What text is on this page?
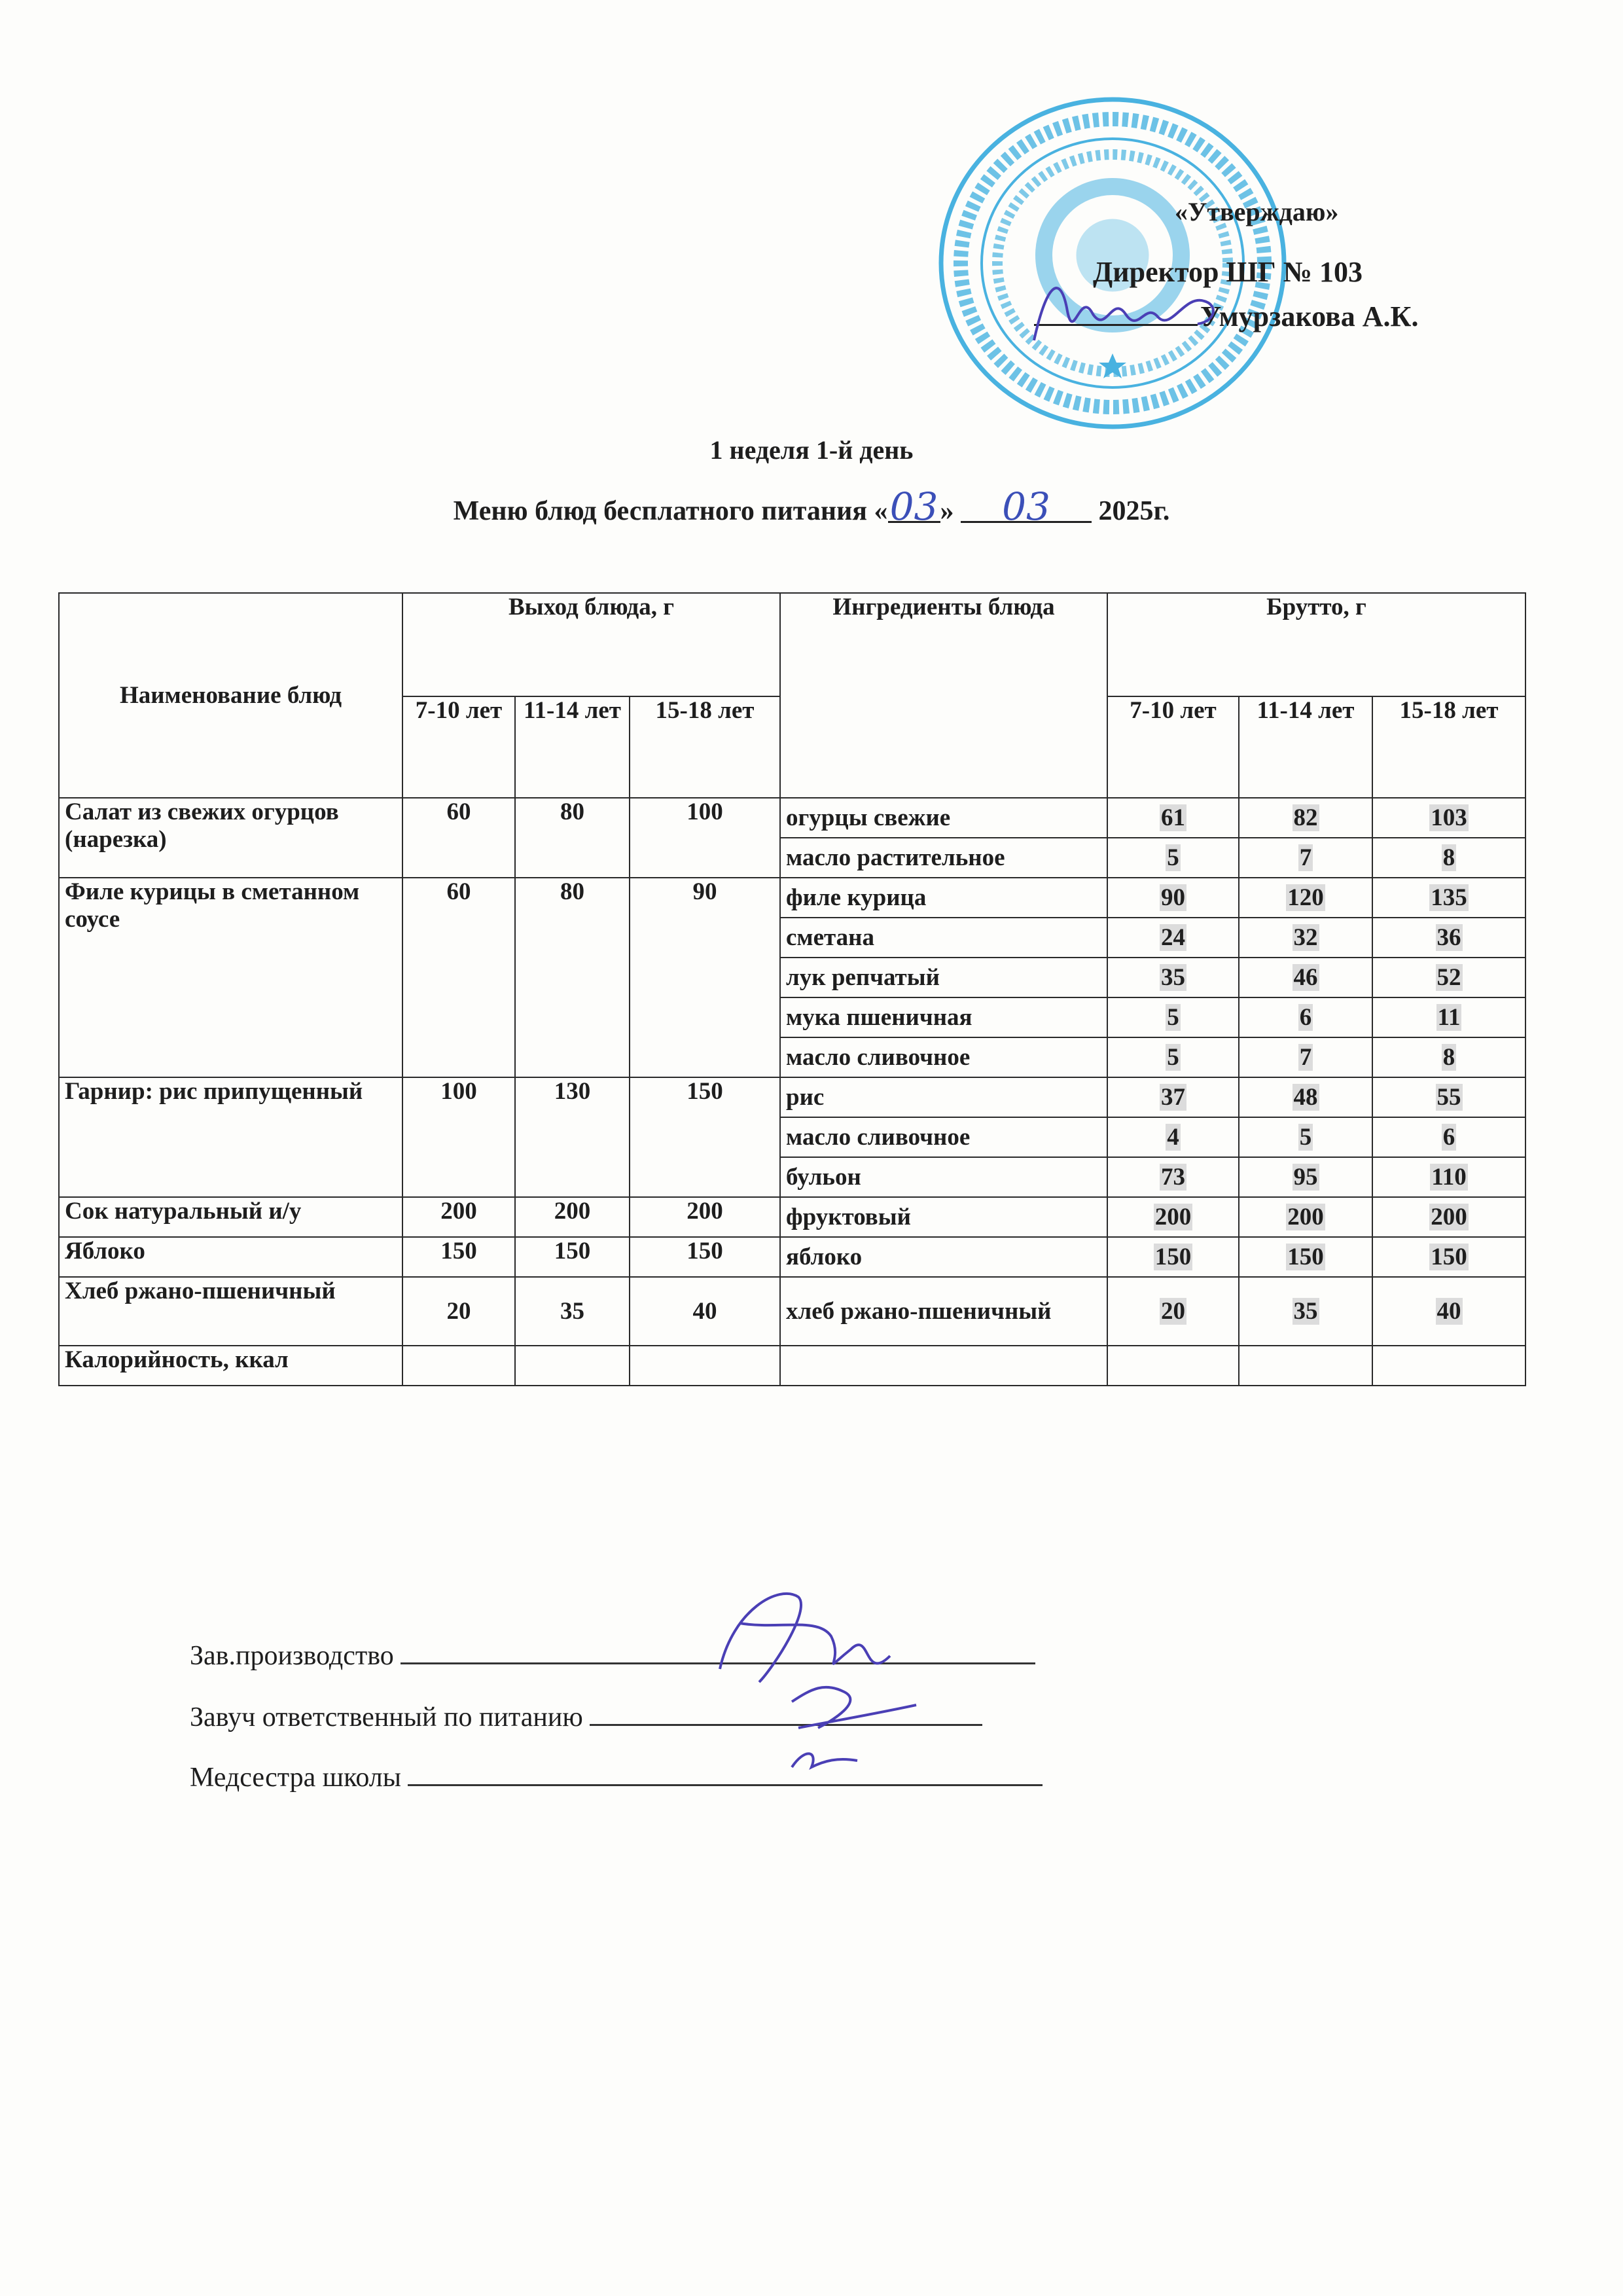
«Утверждаю»
Директор ШГ № 103
Умурзакова А.К.
1 неделя 1-й день
Меню блюд бесплатного питания «03» 03 2025г.
Наименование блюд	Выход блюда, г			Ингредиенты блюда	Брутто, г		
	7-10 лет	11-14 лет	15-18 лет		7-10 лет	11-14 лет	15-18 лет
Салат из свежих огурцов (нарезка)	60	80	100	огурцы свежие	61	82	103
				масло растительное	5	7	8
Филе курицы в сметанном соусе	60	80	90	филе курица	90	120	135
				сметана	24	32	36
				лук репчатый	35	46	52
				мука пшеничная	5	6	11
				масло сливочное	5	7	8
Гарнир: рис припущенный	100	130	150	рис	37	48	55
				масло сливочное	4	5	6
				бульон	73	95	110
Сок натуральный и/у	200	200	200	фруктовый	200	200	200
Яблоко	150	150	150	яблоко	150	150	150
Хлеб ржано-пшеничный	20	35	40	хлеб ржано-пшеничный	20	35	40
Калорийность, ккал							
Зав.производство
Завуч ответственный по питанию
Медсестра школы
